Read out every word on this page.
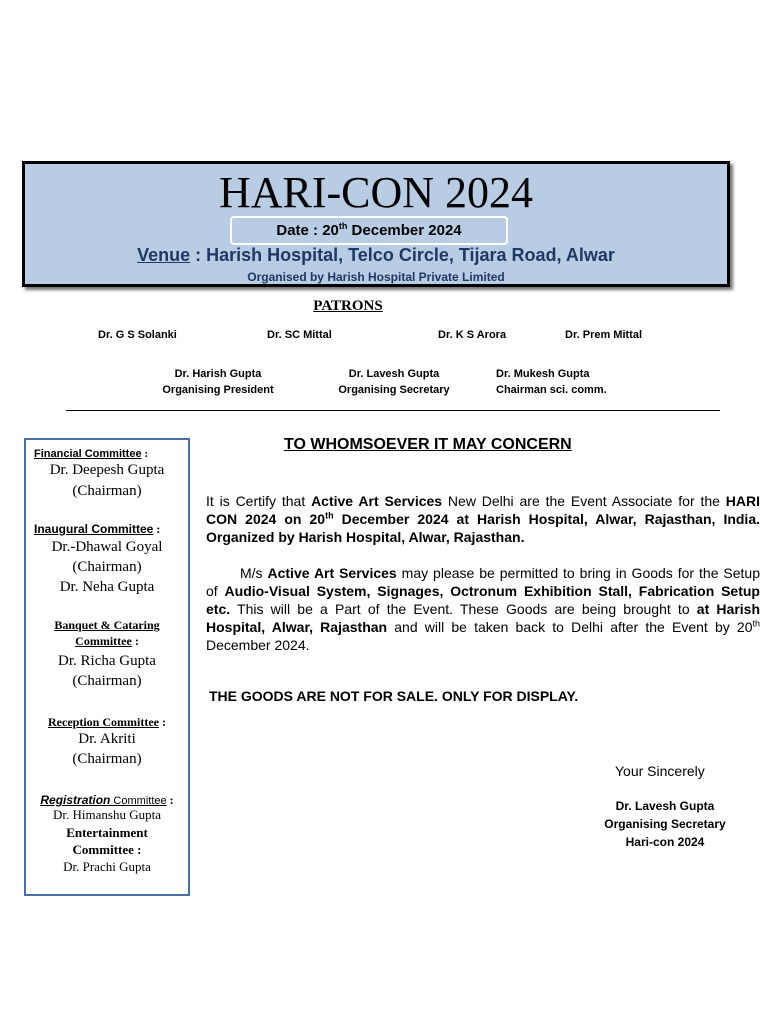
HARI-CON 2024
Date : 20th December 2024
Venue : Harish Hospital, Telco Circle, Tijara Road, Alwar
Organised by Harish Hospital Private Limited
PATRONS
Dr. G S Solanki	Dr. SC Mittal	Dr. K S Arora	Dr. Prem Mittal
Dr. Harish Gupta
Organising President
Dr. Lavesh Gupta
Organising Secretary
Dr. Mukesh Gupta
Chairman sci. comm.
Financial Committee :
Dr. Deepesh Gupta
(Chairman)
Inaugural Committee :
Dr.-Dhawal Goyal
(Chairman)
Dr. Neha Gupta
Banquet & Cataring
Committee :
Dr. Richa Gupta
(Chairman)
Reception Committee :
Dr. Akriti
(Chairman)
Registration Committee :
Dr. Himanshu Gupta
Entertainment
Committee :
Dr. Prachi Gupta
TO WHOMSOEVER IT MAY CONCERN
It is Certify that Active Art Services New Delhi are the Event Associate for the HARI CON 2024 on 20th December 2024 at Harish Hospital, Alwar, Rajasthan, India. Organized by Harish Hospital, Alwar, Rajasthan.
M/s Active Art Services may please be permitted to bring in Goods for the Setup of Audio-Visual System, Signages, Octronum Exhibition Stall, Fabrication Setup etc. This will be a Part of the Event. These Goods are being brought to at Harish Hospital, Alwar, Rajasthan and will be taken back to Delhi after the Event by 20th December 2024.
THE GOODS ARE NOT FOR SALE. ONLY FOR DISPLAY.
Your Sincerely
Dr. Lavesh Gupta
Organising Secretary
Hari-con 2024
